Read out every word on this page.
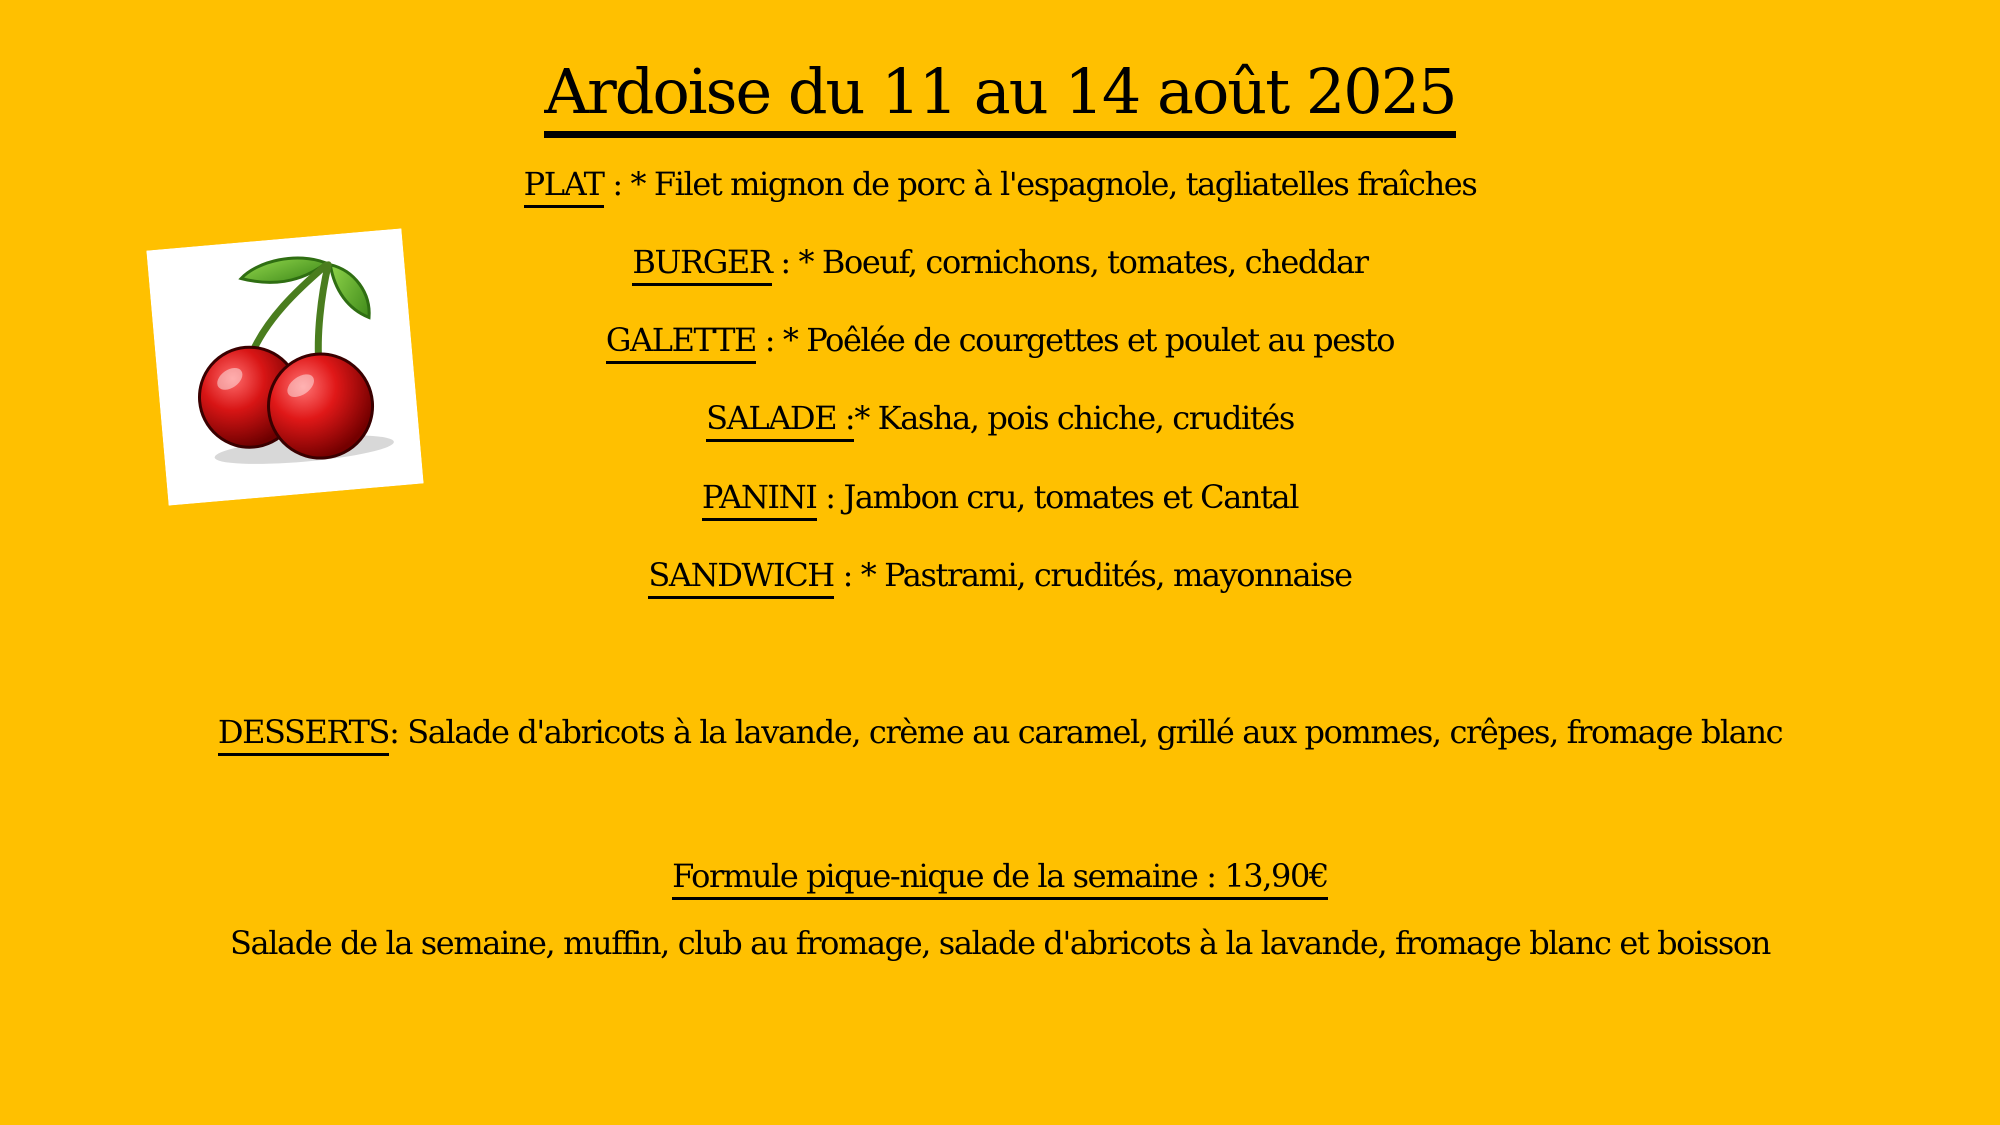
Ardoise du 11 au 14 août 2025
PLAT : * Filet mignon de porc à l'espagnole, tagliatelles fraîches
BURGER : * Boeuf, cornichons, tomates, cheddar
GALETTE : * Poêlée de courgettes et poulet au pesto
SALADE :* Kasha, pois chiche, crudités
PANINI : Jambon cru, tomates et Cantal
SANDWICH : * Pastrami, crudités, mayonnaise
DESSERTS: Salade d'abricots à la lavande, crème au caramel, grillé aux pommes, crêpes, fromage blanc
Formule pique-nique de la semaine : 13,90€
Salade de la semaine, muffin, club au fromage, salade d'abricots à la lavande, fromage blanc et boisson
